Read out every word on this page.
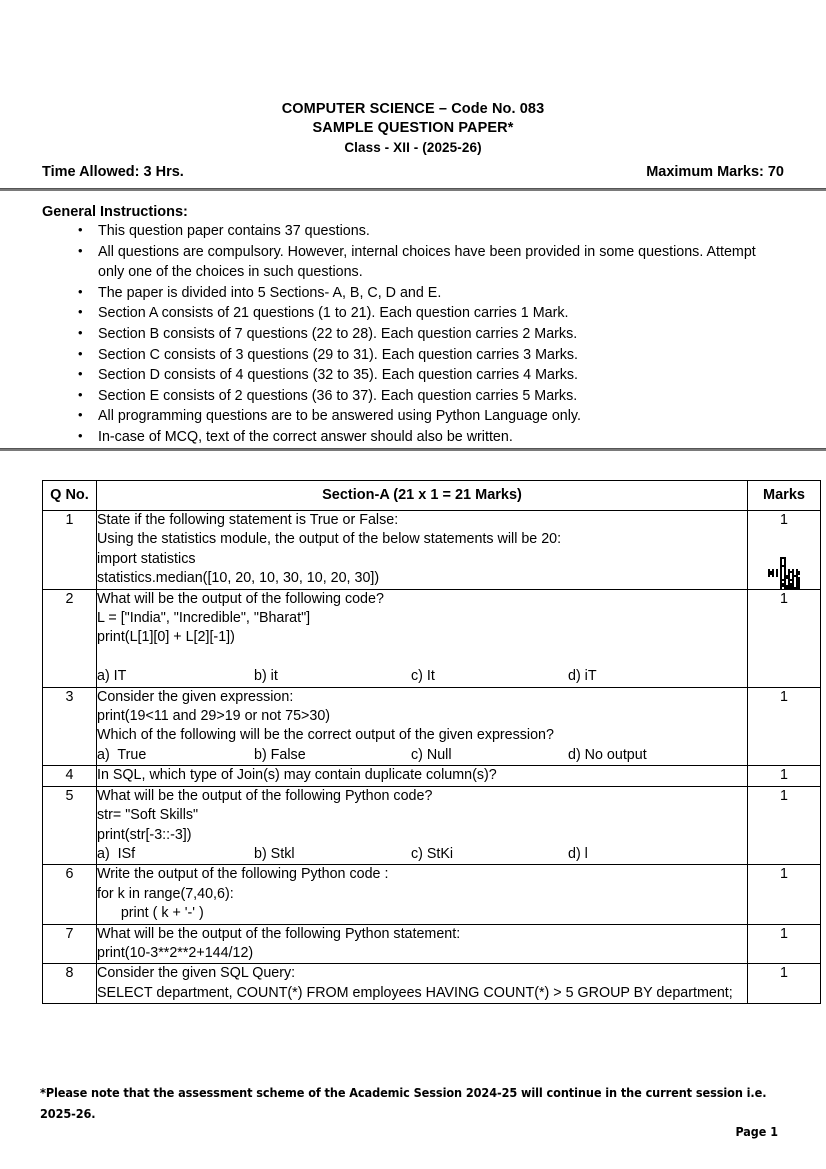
COMPUTER SCIENCE – Code No. 083
SAMPLE QUESTION PAPER*
Class - XII - (2025-26)
Time Allowed: 3 Hrs.	Maximum Marks: 70
General Instructions:
• This question paper contains 37 questions.
• All questions are compulsory. However, internal choices have been provided in some questions. Attempt only one of the choices in such questions.
• The paper is divided into 5 Sections- A, B, C, D and E.
• Section A consists of 21 questions (1 to 21). Each question carries 1 Mark.
• Section B consists of 7 questions (22 to 28). Each question carries 2 Marks.
• Section C consists of 3 questions (29 to 31). Each question carries 3 Marks.
• Section D consists of 4 questions (32 to 35). Each question carries 4 Marks.
• Section E consists of 2 questions (36 to 37). Each question carries 5 Marks.
• All programming questions are to be answered using Python Language only.
• In-case of MCQ, text of the correct answer should also be written.
Q No.	Section-A (21 x 1 = 21 Marks)	Marks
1	State if the following statement is True or False:
Using the statistics module, the output of the below statements will be 20:
import statistics
statistics.median([10, 20, 10, 30, 10, 20, 30])	1

2	What will be the output of the following code?
L = ["India", "Incredible", "Bharat"]
print(L[1][0] + L[2][-1])

a) IT b) it c) It d) iT	1
3	Consider the given expression:
print(19<11 and 29>19 or not 75>30)
Which of the following will be the correct output of the given expression?
a)  True b) False c) Null d) No output	1
4	In SQL, which type of Join(s) may contain duplicate column(s)?	1
5	What will be the output of the following Python code?
str= "Soft Skills"
print(str[-3::-3])
a)  ISf b) Stkl c) StKi d) l	1
6	Write the output of the following Python code :
for k in range(7,40,6):
print ( k + '-' )	1
7	What will be the output of the following Python statement:
print(10-3**2**2+144/12)	1
8	Consider the given SQL Query:
SELECT department, COUNT(*) FROM employees HAVING COUNT(*) > 5 GROUP BY department;	1
*Please note that the assessment scheme of the Academic Session 2024-25 will continue in the current session i.e. 2025-26.
Page 1
